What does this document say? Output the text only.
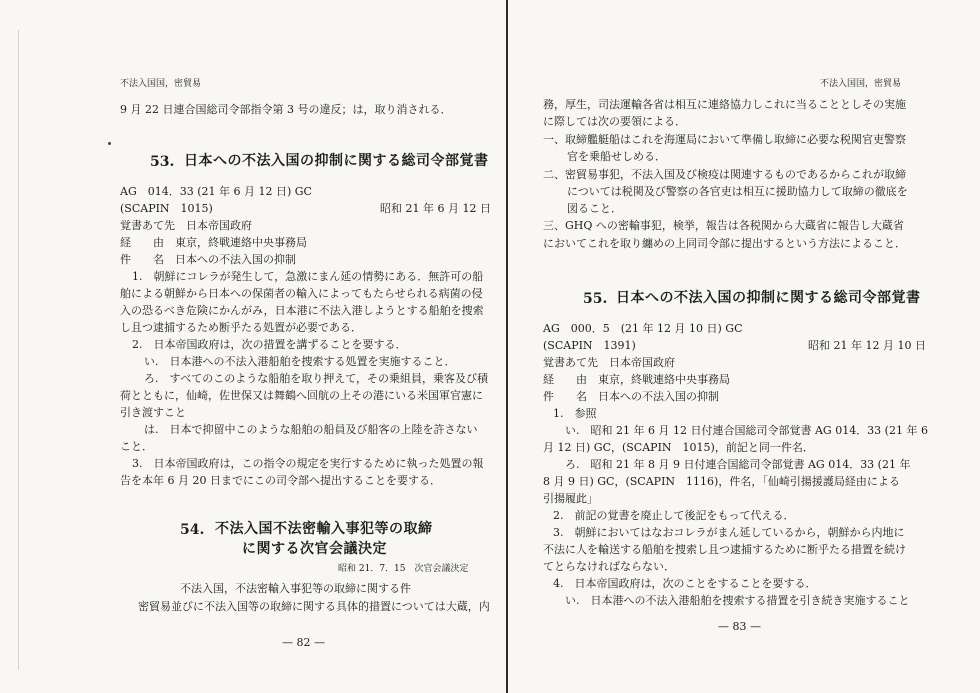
不法入国国，密貿易
9 月 22 日連合国総司令部指令第 3 号の違反；は，取り消される．
53. 日本への不法入国の抑制に関する総司令部覚書
AG　014．33 (21 年 6 月 12 日) GC
(SCAPIN　1015)	昭和 21 年 6 月 12 日
覚書あて先　日本帝国政府
経　　由　東京，終戦連絡中央事務局
件　　名　日本への不法入国の抑制
1.　朝鮮にコレラが発生して，急激にまん延の情勢にある．無許可の船
舶による朝鮮から日本への保菌者の輸入によってもたらせられる病菌の侵
入の恐るべき危険にかんがみ，日本港に不法入港しようとする船舶を捜索
し且つ逮捕するため断乎たる処置が必要である．
2.　日本帝国政府は，次の措置を講ずることを要する．
い.　日本港への不法入港船舶を捜索する処置を実施すること．
ろ.　すべてのこのような船舶を取り押えて，その乗組員，乗客及び積
荷とともに，仙崎，佐世保又は舞鶴へ回航の上その港にいる米国軍官憲に
引き渡すこと
は.　日本で抑留中このような船舶の船員及び船客の上陸を許さない
こと．
3.　日本帝国政府は，この指令の規定を実行するために執った処置の報
告を本年 6 月 20 日までにこの司令部へ提出することを要する．
54. 不法入国不法密輸入事犯等の取締
に関する次官会議決定
昭和 21．7．15　次官会議決定
不法入国，不法密輸入事犯等の取締に関する件
密貿易並びに不法入国等の取締に関する具体的措置については大蔵，内
— 82 —
不法入国国，密貿易
務，厚生，司法運輸各省は相互に連絡協力しこれに当ることとしその実施
に際しては次の要領による．
一、取締艦艇船はこれを海運局において準備し取締に必要な税関官吏警察
官を乗船せしめる．
二、密貿易事犯，不法入国及び検疫は関連するものであるからこれが取締
については税関及び警察の各官吏は相互に援助協力して取締の徹底を
図ること．
三、GHQ への密輸事犯，検挙，報告は各税関から大蔵省に報告し大蔵省
においてこれを取り纏めの上同司令部に提出するという方法によること．
55. 日本への不法入国の抑制に関する総司令部覚書
AG　000．5　(21 年 12 月 10 日) GC
(SCAPIN　1391)	昭和 21 年 12 月 10 日
覚書あて先　日本帝国政府
経　　由　東京，終戦連絡中央事務局
件　　名　日本への不法入国の抑制
1.　参照
い.　昭和 21 年 6 月 12 日付連合国総司令部覚書 AG 014．33 (21 年 6
月 12 日) GC，(SCAPIN　1015)，前記と同一件名．
ろ.　昭和 21 年 8 月 9 日付連合国総司令部覚書 AG 014．33 (21 年
8 月 9 日) GC，(SCAPIN　1116)，件名，「仙崎引揚援護局経由による
引揚履此」
2.　前記の覚書を廃止して後記をもって代える．
3.　朝鮮においてはなおコレラがまん延しているから，朝鮮から内地に
不法に人を輸送する船舶を捜索し且つ逮捕するために断乎たる措置を続け
てとらなければならない．
4.　日本帝国政府は，次のことをすることを要する．
い.　日本港への不法入港船舶を捜索する措置を引き続き実施すること
— 83 —
